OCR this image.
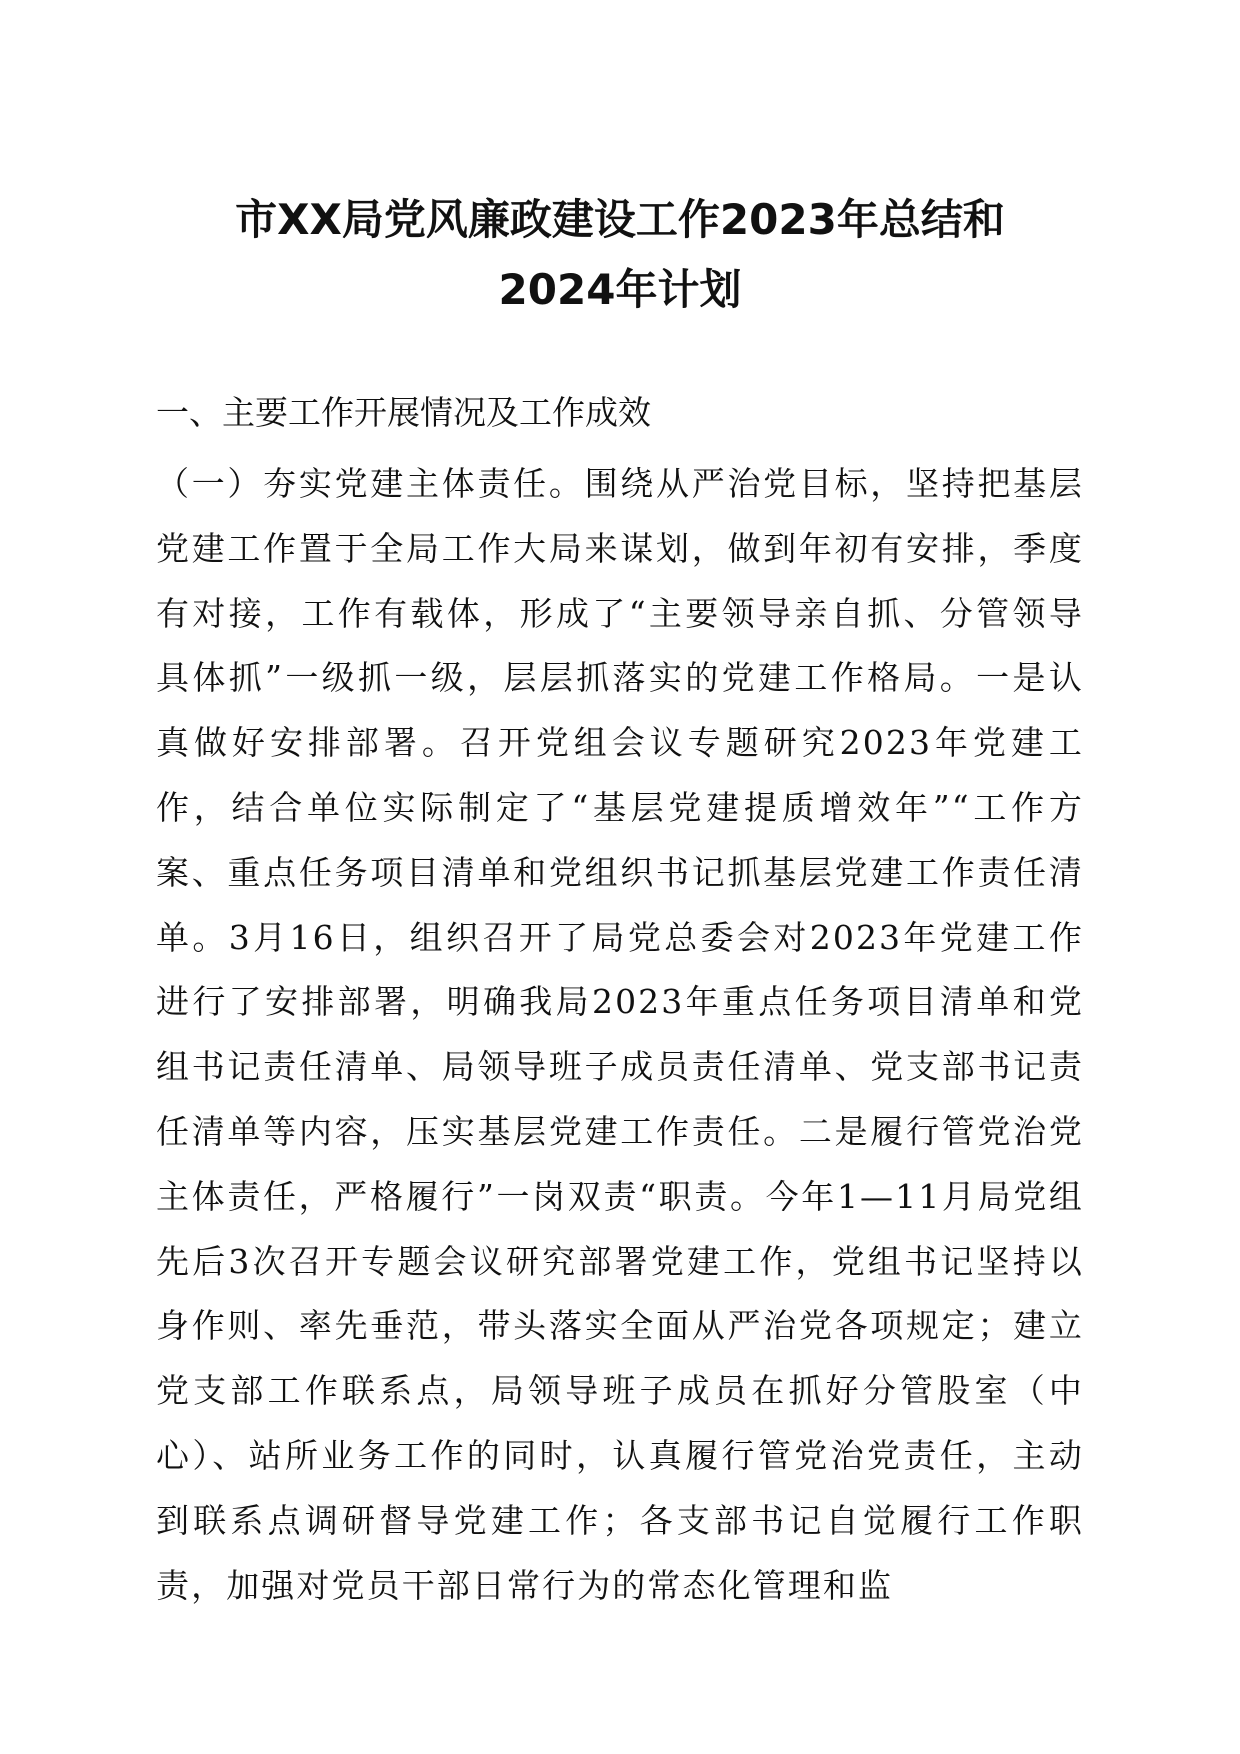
市XX局党风廉政建设工作2023年总结和
2024年计划
一、主要工作开展情况及工作成效
（一）夯实党建主体责任。围绕从严治党目标，坚持把基层党建工作置于全局工作大局来谋划，做到年初有安排，季度有对接，工作有载体，形成了“主要领导亲自抓、分管领导具体抓”一级抓一级，层层抓落实的党建工作格局。一是认真做好安排部署。召开党组会议专题研究2023年党建工作，结合单位实际制定了“基层党建提质增效年”“工作方案、重点任务项目清单和党组织书记抓基层党建工作责任清单。3月16日，组织召开了局党总委会对2023年党建工作进行了安排部署，明确我局2023年重点任务项目清单和党组书记责任清单、局领导班子成员责任清单、党支部书记责任清单等内容，压实基层党建工作责任。二是履行管党治党主体责任，严格履行”一岗双责“职责。今年1—11月局党组先后3次召开专题会议研究部署党建工作，党组书记坚持以身作则、率先垂范，带头落实全面从严治党各项规定；建立党支部工作联系点，局领导班子成员在抓好分管股室（中心）、站所业务工作的同时，认真履行管党治党责任，主动到联系点调研督导党建工作；各支部书记自觉履行工作职责，加强对党员干部日常行为的常态化管理和监
